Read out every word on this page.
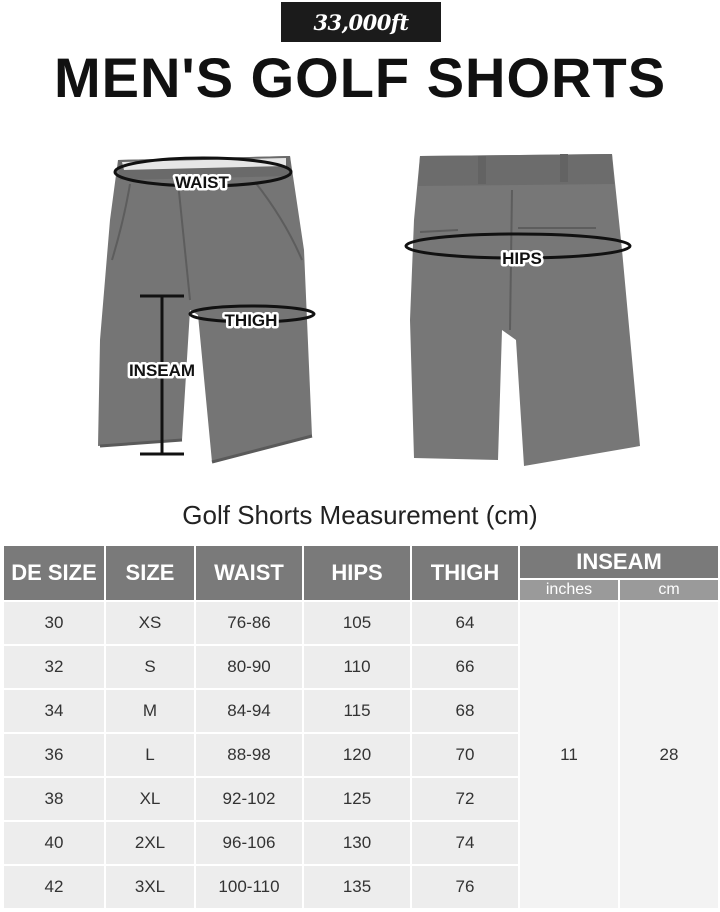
33,000ft
MEN'S GOLF SHORTS
WAIST
THIGH
INSEAM
HIPS
Golf Shorts Measurement (cm)
DE SIZE	SIZE	WAIST	HIPS	THIGH	INSEAM	
					inches	cm
30	XS	76-86	105	64	11	28
32	S	80-90	110	66		
34	M	84-94	115	68		
36	L	88-98	120	70		
38	XL	92-102	125	72		
40	2XL	96-106	130	74		
42	3XL	100-110	135	76		
